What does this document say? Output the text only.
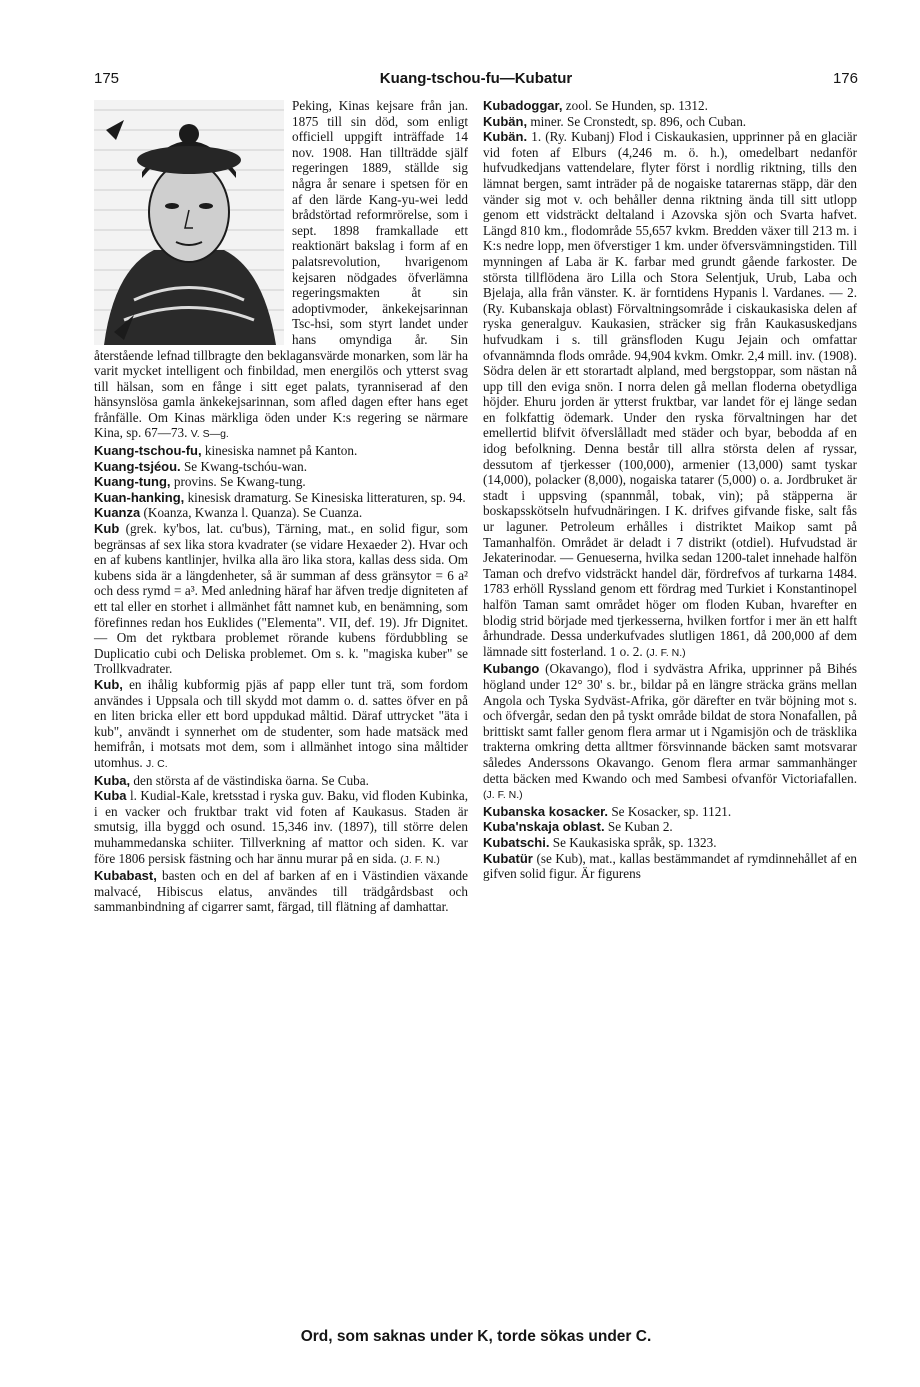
175	Kuang-tschou-fu—Kubatur	176

Peking, Kinas kejsare från jan. 1875 till sin död, som enligt officiell uppgift inträffade 14 nov. 1908. Han tillträdde själf regeringen 1889, ställde sig några år senare i spetsen för en af den lärde Kang-yu-wei ledd brådstörtad reformrörelse, som i sept. 1898 framkallade ett reaktionärt bakslag i form af en palatsrevolution, hvarigenom kejsaren nödgades öfverlämna regeringsmakten åt sin adoptivmoder, änkekejsarinnan Tsc-hsi, som styrt landet under hans omyndiga år. Sin återstående lefnad tillbragte den beklagansvärde monarken, som lär ha varit mycket intelligent och finbildad, men energilös och ytterst svag till hälsan, som en fånge i sitt eget palats, tyranniserad af den hänsynslösa gamla änkekejsarinnan, som afled dagen efter hans eget frånfälle. Om Kinas märkliga öden under K:s regering se närmare Kina, sp. 67—73. V. S—g.

Kuang-tschou-fu, kinesiska namnet på Kanton.

Kuang-tsjéou. Se Kwang-tschóu-wan.

Kuang-tung, provins. Se Kwang-tung.

Kuan-hanking, kinesisk dramaturg. Se Kinesiska litteraturen, sp. 94.

Kuanza (Koanza, Kwanza l. Quanza). Se Cuanza.

Kub (grek. ky'bos, lat. cu'bus), Tärning, mat., en solid figur, som begränsas af sex lika stora kvadrater (se vidare Hexaeder 2). Hvar och en af kubens kantlinjer, hvilka alla äro lika stora, kallas dess sida. Om kubens sida är a längdenheter, så är summan af dess gränsytor = 6 a² och dess rymd = a³. Med anledning häraf har äfven tredje digniteten af ett tal eller en storhet i allmänhet fått namnet kub, en benämning, som förefinnes redan hos Euklides ("Elementa". VII, def. 19). Jfr Dignitet. — Om det ryktbara problemet rörande kubens fördubbling se Duplicatio cubi och Deliska problemet. Om s. k. "magiska kuber" se Trollkvadrater.

Kub, en ihålig kubformig pjäs af papp eller tunt trä, som fordom användes i Uppsala och till skydd mot damm o. d. sattes öfver en på en liten bricka eller ett bord uppdukad måltid. Däraf uttrycket "äta i kub", användt i synnerhet om de studenter, som hade matsäck med hemifrån, i motsats mot dem, som i allmänhet intogo sina måltider utomhus. J. C.

Kuba, den största af de västindiska öarna. Se Cuba.

Kuba l. Kudial-Kale, kretsstad i ryska guv. Baku, vid floden Kubinka, i en vacker och fruktbar trakt vid foten af Kaukasus. Staden är smutsig, illa byggd och osund. 15,346 inv. (1897), till större delen muhammedanska schiiter. Tillverkning af mattor och siden. K. var före 1806 persisk fästning och har ännu murar på en sida. (J. F. N.)

Kubabast, basten och en del af barken af en i Västindien växande malvacé, Hibiscus elatus, användes till trädgårdsbast och sammanbindning af cigarrer samt, färgad, till flätning af damhattar.

Kubadoggar, zool. Se Hunden, sp. 1312.

Kubän, miner. Se Cronstedt, sp. 896, och Cuban.

Kubän. 1. (Ry. Kubanj) Flod i Ciskaukasien, upprinner på en glaciär vid foten af Elburs (4,246 m. ö. h.), omedelbart nedanför hufvudkedjans vattendelare, flyter först i nordlig riktning, tills den lämnat bergen, samt inträder på de nogaiske tatarernas stäpp, där den vänder sig mot v. och behåller denna riktning ända till sitt utlopp genom ett vidsträckt deltaland i Azovska sjön och Svarta hafvet. Längd 810 km., flodområde 55,657 kvkm. Bredden växer till 213 m. i K:s nedre lopp, men öfverstiger 1 km. under öfversvämningstiden. Till mynningen af Laba är K. farbar med grundt gående farkoster. De största tillflödena äro Lilla och Stora Selentjuk, Urub, Laba och Bjelaja, alla från vänster. K. är forntidens Hypanis l. Vardanes. — 2. (Ry. Kubanskaja oblast) Förvaltningsområde i ciskaukasiska delen af ryska generalguv. Kaukasien, sträcker sig från Kaukasuskedjans hufvudkam i s. till gränsfloden Kugu Jejain och omfattar ofvannämnda flods område. 94,904 kvkm. Omkr. 2,4 mill. inv. (1908). Södra delen är ett storartadt alpland, med bergstoppar, som nästan nå upp till den eviga snön. I norra delen gå mellan floderna obetydliga höjder. Ehuru jorden är ytterst fruktbar, var landet för ej länge sedan en folkfattig ödemark. Under den ryska förvaltningen har det emellertid blifvit öfverslålladt med städer och byar, bebodda af en idog befolkning. Denna består till allra största delen af ryssar, dessutom af tjerkesser (100,000), armenier (13,000) samt tyskar (14,000), polacker (8,000), nogaiska tatarer (5,000) o. a. Jordbruket är stadt i uppsving (spannmål, tobak, vin); på stäpperna är boskapsskötseln hufvudnäringen. I K. drifves gifvande fiske, salt fås ur laguner. Petroleum erhålles i distriktet Maikop samt på Tamanhalfön. Området är deladt i 7 distrikt (otdiel). Hufvudstad är Jekaterinodar. — Genueserna, hvilka sedan 1200-talet innehade halfön Taman och drefvo vidsträckt handel där, fördrefvos af turkarna 1484. 1783 erhöll Ryssland genom ett fördrag med Turkiet i Konstantinopel halfön Taman samt området höger om floden Kuban, hvarefter en blodig strid började med tjerkesserna, hvilken fortfor i mer än ett halft århundrade. Dessa underkufvades slutligen 1861, då 200,000 af dem lämnade sitt fosterland. 1 o. 2. (J. F. N.)

Kubango (Okavango), flod i sydvästra Afrika, upprinner på Bihés högland under 12° 30' s. br., bildar på en längre sträcka gräns mellan Angola och Tyska Sydväst-Afrika, gör därefter en tvär böjning mot s. och öfvergår, sedan den på tyskt område bildat de stora Nonafallen, på brittiskt samt faller genom flera armar ut i Ngamisjön och de träsklika trakterna omkring detta alltmer försvinnande bäcken samt motsvarar således Anderssons Okavango. Genom flera armar sammanhänger detta bäcken med Kwando och med Sambesi ofvanför Victoriafallen. (J. F. N.)

Kubanska kosacker. Se Kosacker, sp. 1121.

Kuba'nskaja oblast. Se Kuban 2.

Kubatschi. Se Kaukasiska språk, sp. 1323.

Kubatür (se Kub), mat., kallas bestämmandet af rymdinnehållet af en gifven solid figur. Är figurens

Ord, som saknas under K, torde sökas under C.
